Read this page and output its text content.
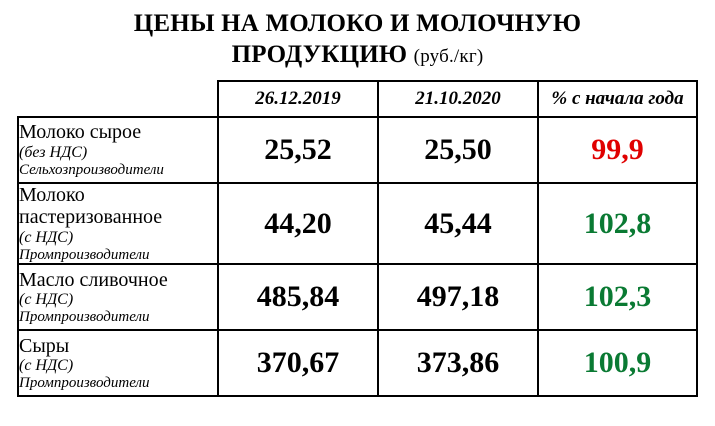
ЦЕНЫ НА МОЛОКО И МОЛОЧНУЮ
ПРОДУКЦИЮ (руб./кг)
	26.12.2019	21.10.2020	% с начала года

Молоко сырое
(без НДС)
Сельхозпроизводители	25,52	25,50	99,9

Молоко
пастеризованное
(с НДС)
Промпроизводители	44,20	45,44	102,8

Масло сливочное
(с НДС)
Промпроизводители	485,84	497,18	102,3

Сыры
(с НДС)
Промпроизводители	370,67	373,86	100,9
